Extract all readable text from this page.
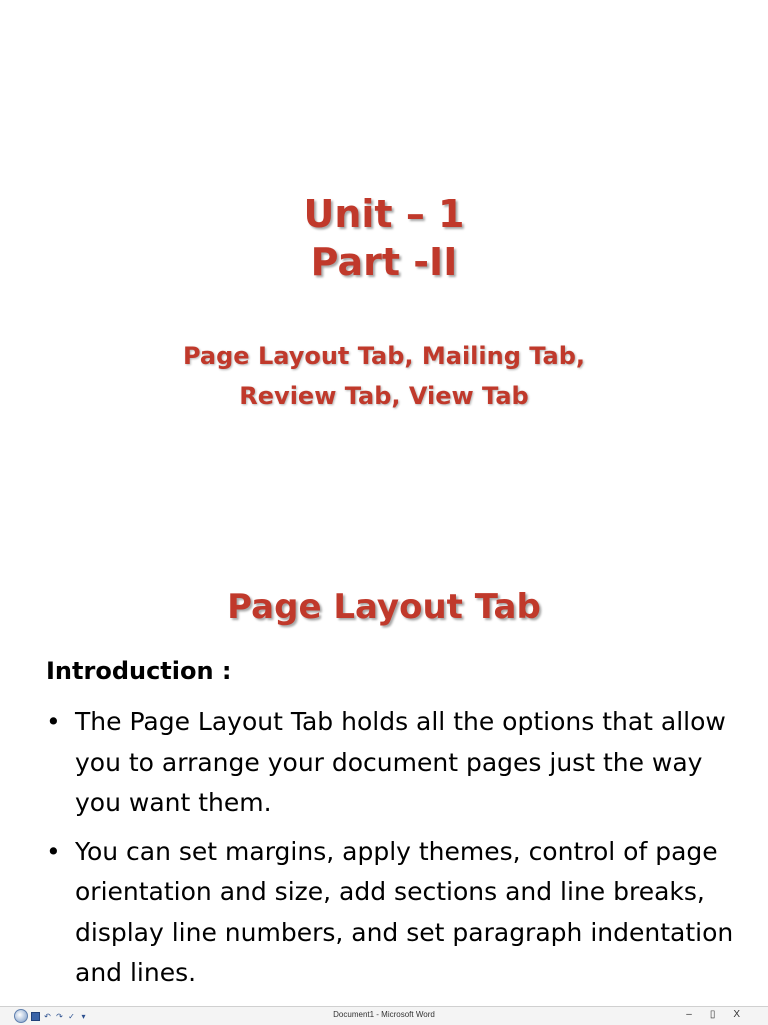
Unit – 1
Part -II
Page Layout Tab, Mailing Tab,
Review Tab, View Tab
Page Layout Tab
Introduction :
• The Page Layout Tab holds all the options that allow you to arrange your document pages just the way you want them.
• You can set margins, apply themes, control of page orientation and size, add sections and line breaks, display line numbers, and set paragraph indentation and lines.
↶ ↷ ✓ ▾	Document1 - Microsoft Word	– ▯ X
